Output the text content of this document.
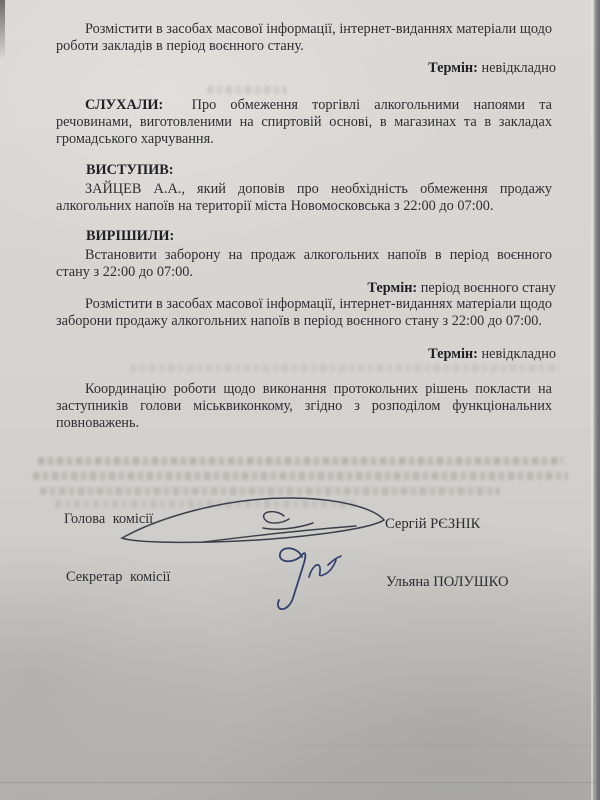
Розмістити в засобах масової інформації, інтернет-виданнях матеріали щодо роботи закладів в період воєнного стану.

Термін: невідкладно

СЛУХАЛИ: Про обмеження торгівлі алкогольними напоями та речовинами, виготовленими на спиртовій основі, в магазинах та в закладах громадського харчування.

ВИСТУПИВ:

ЗАЙЦЕВ А.А., який доповів про необхідність обмеження продажу алкогольних напоїв на території міста Новомосковська з 22:00 до 07:00.

ВИРІШИЛИ:

Встановити заборону на продаж алкогольних напоїв в період воєнного стану з 22:00 до 07:00.

Термін: період воєнного стану

Розмістити в засобах масової інформації, інтернет-виданнях матеріали щодо заборони продажу алкогольних напоїв в період воєнного стану з 22:00 до 07:00.

Термін: невідкладно

Координацію роботи щодо виконання протокольних рішень покласти на заступників голови міськвиконкому, згідно з розподілом функціональних повноважень.

Голова комісії	Сергій РЄЗНІК
Секретар комісії	Ульяна ПОЛУШКО
